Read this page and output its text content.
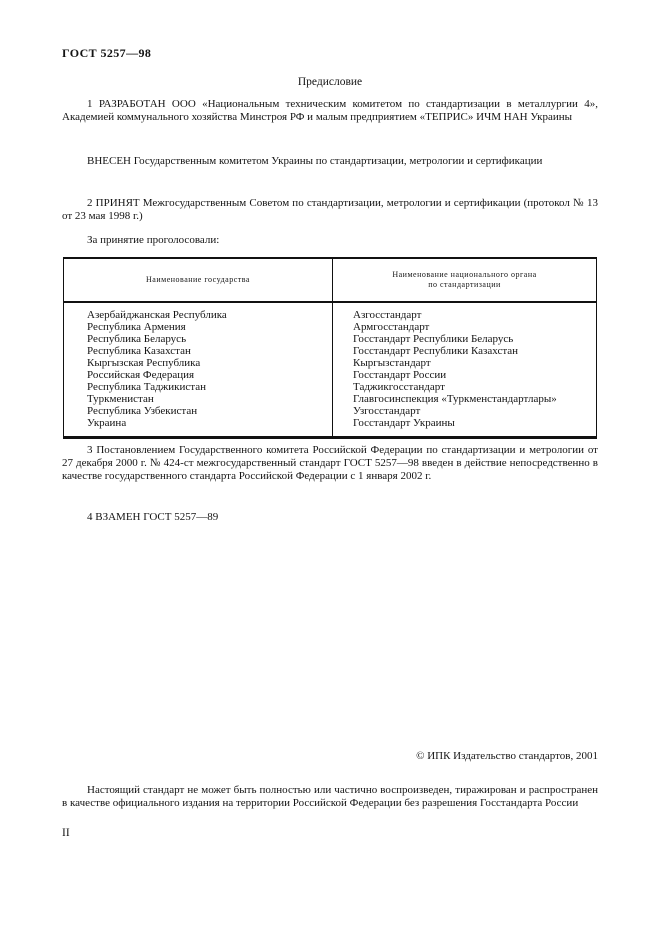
ГОСТ 5257—98
Предисловие

1 РАЗРАБОТАН ООО «Национальным техническим комитетом по стандартизации в металлургии 4», Академией коммунального хозяйства Минстроя РФ и малым предприятием «ТЕПРИС» ИЧМ НАН Украины

ВНЕСЕН Государственным комитетом Украины по стандартизации, метрологии и сертификации

2 ПРИНЯТ Межгосударственным Советом по стандартизации, метрологии и сертификации (протокол № 13 от 23 мая 1998 г.)

За принятие проголосовали:

Наименование государства	Наименование национального органа
по стандартизации

Азербайджанская Республика	Азгосстандарт
Республика Армения	Армгосстандарт
Республика Беларусь	Госстандарт Республики Беларусь
Республика Казахстан	Госстандарт Республики Казахстан
Кыргызская Республика	Кыргызстандарт
Российская Федерация	Госстандарт России
Республика Таджикистан	Таджикгосстандарт
Туркменистан	Главгосинспекция «Туркменстандартлары»
Республика Узбекистан	Узгосстандарт
Украина	Госстандарт Украины

3 Постановлением Государственного комитета Российской Федерации по стандартизации и метрологии от 27 декабря 2000 г. № 424-ст межгосударственный стандарт ГОСТ 5257—98 введен в действие непосредственно в качестве государственного стандарта Российской Федерации с 1 января 2002 г.

4 ВЗАМЕН ГОСТ 5257—89

© ИПК Издательство стандартов, 2001

Настоящий стандарт не может быть полностью или частично воспроизведен, тиражирован и распространен в качестве официального издания на территории Российской Федерации без разрешения Госстандарта России

II
